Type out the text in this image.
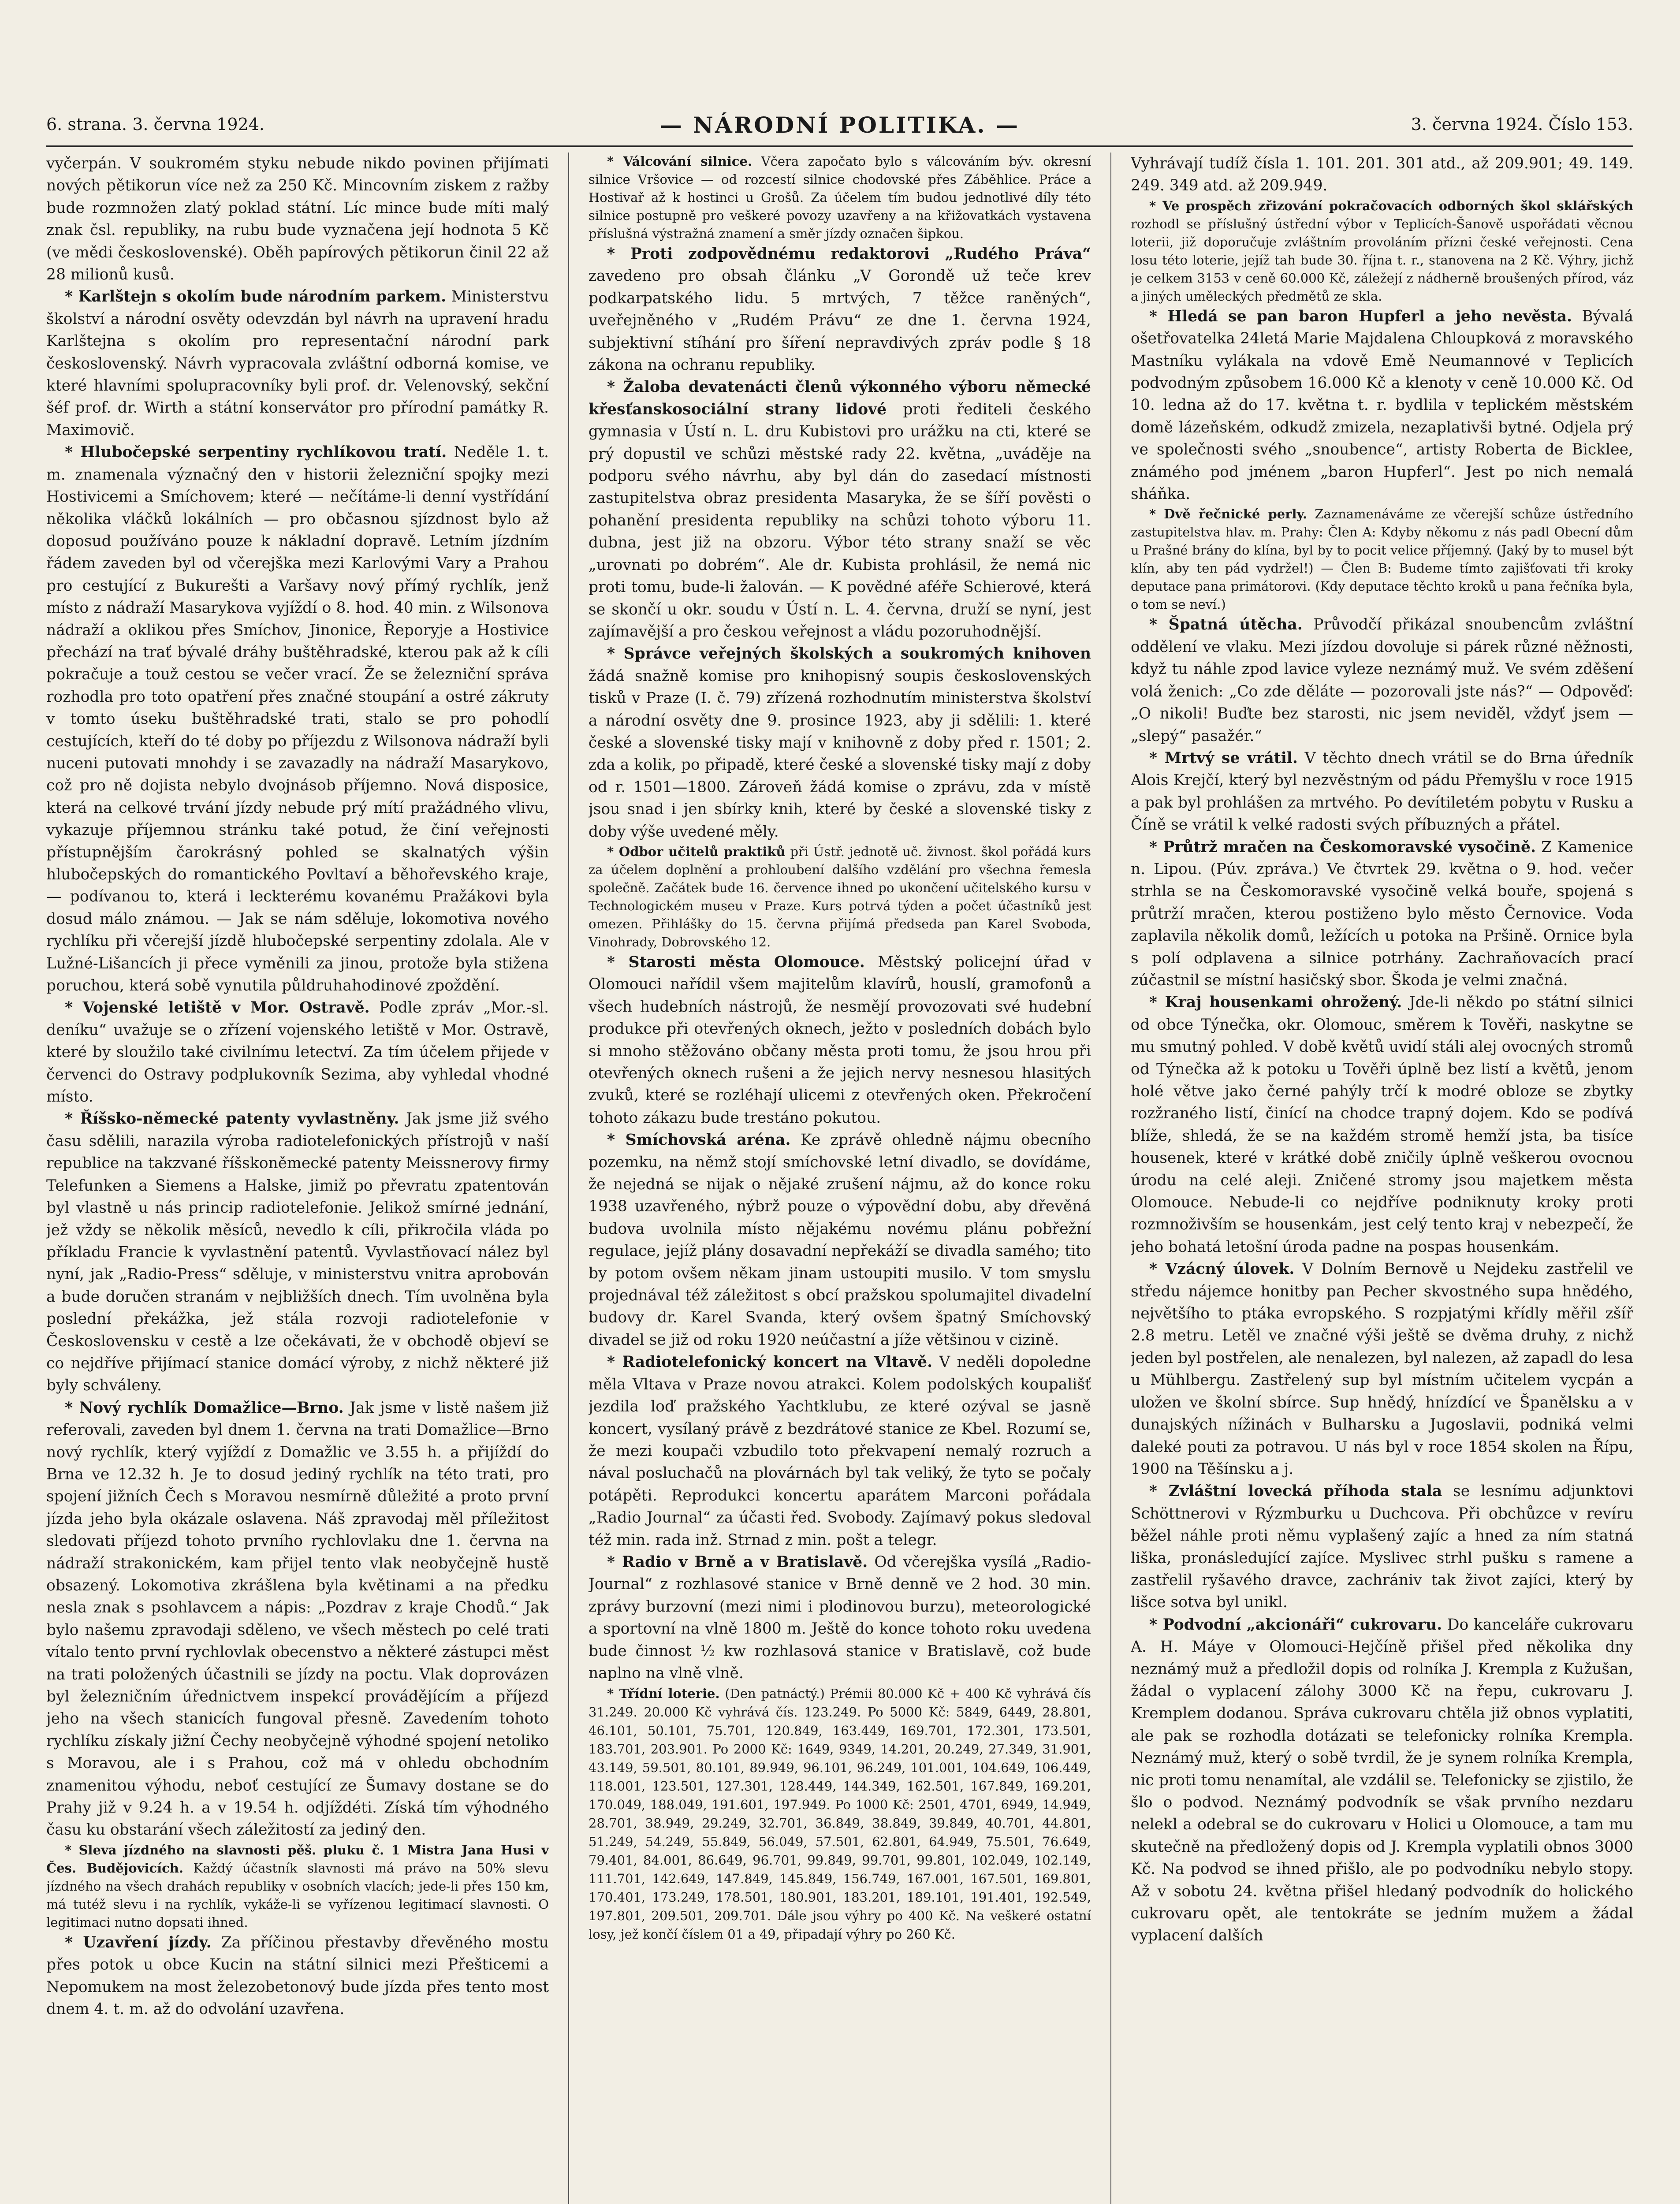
6. strana. 3. června 1924.	— NÁRODNÍ POLITIKA. —	3. června 1924. Číslo 153.

vyčerpán. V soukromém styku nebude nikdo povinen přijímati nových pětikorun více než za 250 Kč. Mincovním ziskem z ražby bude rozmnožen zlatý poklad státní. Líc mince bude míti malý znak čsl. republiky, na rubu bude vyznačena její hodnota 5 Kč (ve mědi československé). Oběh papírových pětikorun činil 22 až 28 milionů kusů.

* Karlštejn s okolím bude národním parkem. Ministerstvu školství a národní osvěty odevzdán byl návrh na upravení hradu Karlštejna s okolím pro representační národní park československý. Návrh vypracovala zvláštní odborná komise, ve které hlavními spolupracovníky byli prof. dr. Velenovský, sekční šéf prof. dr. Wirth a státní konservátor pro přírodní památky R. Maximovič.

* Hlubočepské serpentiny rychlíkovou tratí. Neděle 1. t. m. znamenala význačný den v historii železniční spojky mezi Hostivicemi a Smíchovem; které — nečítáme-li denní vystřídání několika vláčků lokálních — pro občasnou sjízdnost bylo až doposud používáno pouze k nákladní dopravě. Letním jízdním řádem zaveden byl od včerejška mezi Karlovými Vary a Prahou pro cestující z Bukurešti a Varšavy nový přímý rychlík, jenž místo z nádraží Masarykova vyjíždí o 8. hod. 40 min. z Wilsonova nádraží a oklikou přes Smíchov, Jinonice, Řeporyje a Hostivice přechází na trať bývalé dráhy buštěhradské, kterou pak až k cíli pokračuje a touž cestou se večer vrací. Že se železniční správa rozhodla pro toto opatření přes značné stoupání a ostré zákruty v tomto úseku buštěhradské trati, stalo se pro pohodlí cestujících, kteří do té doby po příjezdu z Wilsonova nádraží byli nuceni putovati mnohdy i se zavazadly na nádraží Masarykovo, což pro ně dojista nebylo dvojnásob příjemno. Nová disposice, která na celkové trvání jízdy nebude prý mítí pražádného vlivu, vykazuje příjemnou stránku také potud, že činí veřejnosti přístupnějším čarokrásný pohled se skalnatých výšin hlubočepských do romantického Povltaví a běhořevského kraje, — podívanou to, která i leckterému kovanému Pražákovi byla dosud málo známou. — Jak se nám sděluje, lokomotiva nového rychlíku při včerejší jízdě hlubočepské serpentiny zdolala. Ale v Lužné-Lišancích ji přece vyměnili za jinou, protože byla stižena poruchou, která sobě vynutila půldruhahodinové zpoždění.

* Vojenské letiště v Mor. Ostravě. Podle zpráv „Mor.-sl. deníku“ uvažuje se o zřízení vojenského letiště v Mor. Ostravě, které by sloužilo také civilnímu letectví. Za tím účelem přijede v červenci do Ostravy podplukovník Sezima, aby vyhledal vhodné místo.

* Říšsko-německé patenty vyvlastněny. Jak jsme již svého času sdělili, narazila výroba radiotelefonických přístrojů v naší republice na takzvané říšskoněmecké patenty Meissnerovy firmy Telefunken a Siemens a Halske, jimiž po převratu zpatentován byl vlastně u nás princip radiotelefonie. Jelikož smírné jednání, jež vždy se několik měsíců, nevedlo k cíli, přikročila vláda po příkladu Francie k vyvlastnění patentů. Vyvlastňovací nález byl nyní, jak „Radio-Press“ sděluje, v ministerstvu vnitra aprobován a bude doručen stranám v nejbližších dnech. Tím uvolněna byla poslední překážka, jež stála rozvoji radiotelefonie v Československu v cestě a lze očekávati, že v obchodě objeví se co nejdříve přijímací stanice domácí výroby, z nichž některé již byly schváleny.

* Nový rychlík Domažlice—Brno. Jak jsme v listě našem již referovali, zaveden byl dnem 1. června na trati Domažlice—Brno nový rychlík, který vyjíždí z Domažlic ve 3.55 h. a přijíždí do Brna ve 12.32 h. Je to dosud jediný rychlík na této trati, pro spojení jižních Čech s Moravou nesmírně důležité a proto první jízda jeho byla okázale oslavena. Náš zpravodaj měl příležitost sledovati příjezd tohoto prvního rychlovlaku dne 1. června na nádraží strakonickém, kam přijel tento vlak neobyčejně hustě obsazený. Lokomotiva zkrášlena byla květinami a na předku nesla znak s psohlavcem a nápis: „Pozdrav z kraje Chodů.“ Jak bylo našemu zpravodaji sděleno, ve všech městech po celé trati vítalo tento první rychlovlak obecenstvo a některé zástupci měst na trati položených účastnili se jízdy na poctu. Vlak doprovázen byl železničním úřednictvem inspekcí provádějícím a příjezd jeho na všech stanicích fungoval přesně. Zavedením tohoto rychlíku získaly jižní Čechy neobyčejně výhodné spojení netoliko s Moravou, ale i s Prahou, což má v ohledu obchodním znamenitou výhodu, neboť cestující ze Šumavy dostane se do Prahy již v 9.24 h. a v 19.54 h. odjíždéti. Získá tím výhodného času ku obstarání všech záležitostí za jediný den.

* Sleva jízdného na slavnosti pěš. pluku č. 1 Mistra Jana Husi v Čes. Budějovicích. Každý účastník slavnosti má právo na 50% slevu jízdného na všech drahách republiky v osobních vlacích; jede-li přes 150 km, má tutéž slevu i na rychlík, vykáže-li se vyřízenou legitimací slavnosti. O legitimaci nutno dopsati ihned.

* Uzavření jízdy. Za příčinou přestavby dřevěného mostu přes potok u obce Kucin na státní silnici mezi Přešticemi a Nepomukem na most železobetonový bude jízda přes tento most dnem 4. t. m. až do odvolání uzavřena.

* Válcování silnice. Včera započato bylo s válcováním býv. okresní silnice Vršovice — od rozcestí silnice chodovské přes Záběhlice. Práce a Hostivař až k hostinci u Grošů. Za účelem tím budou jednotlivé díly této silnice postupně pro veškeré povozy uzavřeny a na křižovatkách vystavena příslušná výstražná znamení a směr jízdy označen šipkou.

* Proti zodpovědnému redaktorovi „Rudého Práva“ zavedeno pro obsah článku „V Gorondě už teče krev podkarpatského lidu. 5 mrtvých, 7 těžce raněných“, uveřejněného v „Rudém Právu“ ze dne 1. června 1924, subjektivní stíhání pro šíření nepravdivých zpráv podle § 18 zákona na ochranu republiky.

* Žaloba devatenácti členů výkonného výboru německé křesťanskosociální strany lidové proti řediteli českého gymnasia v Ústí n. L. dru Kubistovi pro urážku na cti, které se prý dopustil ve schůzi městské rady 22. května, „uváděje na podporu svého návrhu, aby byl dán do zasedací místnosti zastupitelstva obraz presidenta Masaryka, že se šíří pověsti o pohanění presidenta republiky na schůzi tohoto výboru 11. dubna, jest již na obzoru. Výbor této strany snaží se věc „urovnati po dobrém“. Ale dr. Kubista prohlásil, že nemá nic proti tomu, bude-li žalován. — K povědné aféře Schierové, která se skončí u okr. soudu v Ústí n. L. 4. června, druží se nyní, jest zajímavější a pro českou veřejnost a vládu pozoruhodnější.

* Správce veřejných školských a soukromých knihoven žádá snažně komise pro knihopisný soupis československých tisků v Praze (I. č. 79) zřízená rozhodnutím ministerstva školství a národní osvěty dne 9. prosince 1923, aby ji sdělili: 1. které české a slovenské tisky mají v knihovně z doby před r. 1501; 2. zda a kolik, po připadě, které české a slovenské tisky mají z doby od r. 1501—1800. Zároveň žádá komise o zprávu, zda v místě jsou snad i jen sbírky knih, které by české a slovenské tisky z doby výše uvedené měly.

* Odbor učitelů praktiků při Ústř. jednotě uč. živnost. škol pořádá kurs za účelem doplnění a prohloubení dalšího vzdělání pro všechna řemesla společně. Začátek bude 16. července ihned po ukončení učitelského kursu v Technologickém museu v Praze. Kurs potrvá týden a počet účastníků jest omezen. Přihlášky do 15. června přijímá předseda pan Karel Svoboda, Vinohrady, Dobrovského 12.

* Starosti města Olomouce. Městský policejní úřad v Olomouci nařídil všem majitelům klavírů, houslí, gramofonů a všech hudebních nástrojů, že nesmějí provozovati své hudební produkce při otevřených oknech, ježto v posledních dobách bylo si mnoho stěžováno občany města proti tomu, že jsou hrou při otevřených oknech rušeni a že jejich nervy nesnesou hlasitých zvuků, které se rozléhají ulicemi z otevřených oken. Překročení tohoto zákazu bude trestáno pokutou.

* Smíchovská aréna. Ke zprávě ohledně nájmu obecního pozemku, na němž stojí smíchovské letní divadlo, se dovídáme, že nejedná se nijak o nějaké zrušení nájmu, až do konce roku 1938 uzavřeného, nýbrž pouze o výpovědní dobu, aby dřevěná budova uvolnila místo nějakému novému plánu pobřežní regulace, jejíž plány dosavadní nepřekáží se divadla samého; tito by potom ovšem někam jinam ustoupiti musilo. V tom smyslu projednával též záležitost s obcí pražskou spolumajitel divadelní budovy dr. Karel Svanda, který ovšem špatný Smíchovský divadel se již od roku 1920 neúčastní a jíže většinou v cizině.

* Radiotelefonický koncert na Vltavě. V neděli dopoledne měla Vltava v Praze novou atrakci. Kolem podolských koupališť jezdila loď pražského Yachtklubu, ze které ozýval se jasně koncert, vysílaný právě z bezdrátové stanice ze Kbel. Rozumí se, že mezi koupači vzbudilo toto překvapení nemalý rozruch a nával posluchačů na plovárnách byl tak veliký, že tyto se počaly potápěti. Reprodukci koncertu aparátem Marconi pořádala „Radio Journal“ za účasti řed. Svobody. Zajímavý pokus sledoval též min. rada inž. Strnad z min. pošt a telegr.

* Radio v Brně a v Bratislavě. Od včerejška vysílá „Radio-Journal“ z rozhlasové stanice v Brně denně ve 2 hod. 30 min. zprávy burzovní (mezi nimi i plodinovou burzu), meteorologické a sportovní na vlně 1800 m. Ještě do konce tohoto roku uvedena bude činnost ½ kw rozhlasová stanice v Bratislavě, což bude naplno na vlně vlně.

* Třídní loterie. (Den patnáctý.) Prémii 80.000 Kč + 400 Kč vyhrává čís 31.249. 20.000 Kč vyhrává čís. 123.249. Po 5000 Kč: 5849, 6449, 28.801, 46.101, 50.101, 75.701, 120.849, 163.449, 169.701, 172.301, 173.501, 183.701, 203.901. Po 2000 Kč: 1649, 9349, 14.201, 20.249, 27.349, 31.901, 43.149, 59.501, 80.101, 89.949, 96.101, 96.249, 101.001, 104.649, 106.449, 118.001, 123.501, 127.301, 128.449, 144.349, 162.501, 167.849, 169.201, 170.049, 188.049, 191.601, 197.949. Po 1000 Kč: 2501, 4701, 6949, 14.949, 28.701, 38.949, 29.249, 32.701, 36.849, 38.849, 39.849, 40.701, 44.801, 51.249, 54.249, 55.849, 56.049, 57.501, 62.801, 64.949, 75.501, 76.649, 79.401, 84.001, 86.649, 96.701, 99.849, 99.701, 99.801, 102.049, 102.149, 111.701, 142.649, 147.849, 145.849, 156.749, 167.001, 167.501, 169.801, 170.401, 173.249, 178.501, 180.901, 183.201, 189.101, 191.401, 192.549, 197.801, 209.501, 209.701. Dále jsou výhry po 400 Kč. Na veškeré ostatní losy, jež končí číslem 01 a 49, připadají výhry po 260 Kč.

Vyhrávají tudíž čísla 1. 101. 201. 301 atd., až 209.901; 49. 149. 249. 349 atd. až 209.949.

* Ve prospěch zřizování pokračovacích odborných škol sklářských rozhodl se příslušný ústřední výbor v Teplicích-Šanově uspořádati věcnou loterii, již doporučuje zvláštním provoláním přízni české veřejnosti. Cena losu této loterie, jejíž tah bude 30. října t. r., stanovena na 2 Kč. Výhry, jichž je celkem 3153 v ceně 60.000 Kč, záležejí z nádherně broušených přírod, váz a jiných uměleckých předmětů ze skla.

* Hledá se pan baron Hupferl a jeho nevěsta. Bývalá ošetřovatelka 24letá Marie Majdalena Chloupková z moravského Mastníku vylákala na vdově Emě Neumannové v Teplicích podvodným způsobem 16.000 Kč a klenoty v ceně 10.000 Kč. Od 10. ledna až do 17. května t. r. bydlila v teplickém městském domě lázeňském, odkudž zmizela, nezaplativši bytné. Odjela prý ve společnosti svého „snoubence“, artisty Roberta de Bicklee, známého pod jménem „baron Hupferl“. Jest po nich nemalá sháňka.

* Dvě řečnické perly. Zaznamenáváme ze včerejší schůze ústředního zastupitelstva hlav. m. Prahy: Člen A: Kdyby někomu z nás padl Obecní dům u Prašné brány do klína, byl by to pocit velice příjemný. (Jaký by to musel být klín, aby ten pád vydržel!) — Člen B: Budeme tímto zajišťovati tři kroky deputace pana primátorovi. (Kdy deputace těchto kroků u pana řečníka byla, o tom se neví.)

* Špatná útěcha. Průvodčí přikázal snoubencům zvláštní oddělení ve vlaku. Mezi jízdou dovoluje si párek různé něžnosti, když tu náhle zpod lavice vyleze neznámý muž. Ve svém zděšení volá ženich: „Co zde děláte — pozorovali jste nás?“ — Odpověď: „O nikoli! Buďte bez starosti, nic jsem neviděl, vždyť jsem — „slepý“ pasažér.“

* Mrtvý se vrátil. V těchto dnech vrátil se do Brna úředník Alois Krejčí, který byl nezvěstným od pádu Přemyšlu v roce 1915 a pak byl prohlášen za mrtvého. Po devítiletém pobytu v Rusku a Číně se vrátil k velké radosti svých příbuzných a přátel.

* Průtrž mračen na Českomoravské vysočině. Z Kamenice n. Lipou. (Púv. zpráva.) Ve čtvrtek 29. května o 9. hod. večer strhla se na Českomoravské vysočině velká bouře, spojená s průtrží mračen, kterou postiženo bylo město Černovice. Voda zaplavila několik domů, ležících u potoka na Pršině. Ornice byla s polí odplavena a silnice potrhány. Zachraňovacích prací zúčastnil se místní hasičský sbor. Škoda je velmi značná.

* Kraj housenkami ohrožený. Jde-li někdo po státní silnici od obce Týnečka, okr. Olomouc, směrem k Tověři, naskytne se mu smutný pohled. V době květů uvidí stáli alej ovocných stromů od Týnečka až k potoku u Tověři úplně bez listí a květů, jenom holé větve jako černé pahýly trčí k modré obloze se zbytky rozžraného listí, činící na chodce trapný dojem. Kdo se podívá blíže, shledá, že se na každém stromě hemží jsta, ba tisíce housenek, které v krátké době zničily úplně veškerou ovocnou úrodu na celé aleji. Zničené stromy jsou majetkem města Olomouce. Nebude-li co nejdříve podniknuty kroky proti rozmnoživším se housenkám, jest celý tento kraj v nebezpečí, že jeho bohatá letošní úroda padne na pospas housenkám.

* Vzácný úlovek. V Dolním Bernově u Nejdeku zastřelil ve středu nájemce honitby pan Pecher skvostného supa hnědého, největšího to ptáka evropského. S rozpjatými křídly měřil zšíř 2.8 metru. Letěl ve značné výši ještě se dvěma druhy, z nichž jeden byl postřelen, ale nenalezen, byl nalezen, až zapadl do lesa u Mühlbergu. Zastřelený sup byl místním učitelem vycpán a uložen ve školní sbírce. Sup hnědý, hnízdící ve Španělsku a v dunajských nížinách v Bulharsku a Jugoslavii, podniká velmi daleké pouti za potravou. U nás byl v roce 1854 skolen na Řípu, 1900 na Těšínsku a j.

* Zvláštní lovecká příhoda stala se lesnímu adjunktovi Schöttnerovi v Rýzmburku u Duchcova. Při obchůzce v revíru běžel náhle proti němu vyplašený zajíc a hned za ním statná liška, pronásledující zajíce. Myslivec strhl pušku s ramene a zastřelil ryšavého dravce, zachrániv tak život zajíci, který by lišce sotva byl unikl.

* Podvodní „akcionáři“ cukrovaru. Do kanceláře cukrovaru A. H. Máye v Olomouci-Hejčíně přišel před několika dny neznámý muž a předložil dopis od rolníka J. Krempla z Kužušan, žádal o vyplacení zálohy 3000 Kč na řepu, cukrovaru J. Kremplem dodanou. Správa cukrovaru chtěla již obnos vyplatiti, ale pak se rozhodla dotázati se telefonicky rolníka Krempla. Neznámý muž, který o sobě tvrdil, že je synem rolníka Krempla, nic proti tomu nenamítal, ale vzdálil se. Telefonicky se zjistilo, že šlo o podvod. Neznámý podvodník se však prvního nezdaru nelekl a odebral se do cukrovaru v Holici u Olomouce, a tam mu skutečně na předložený dopis od J. Krempla vyplatili obnos 3000 Kč. Na podvod se ihned přišlo, ale po podvodníku nebylo stopy. Až v sobotu 24. května přišel hledaný podvodník do holického cukrovaru opět, ale tentokráte se jedním mužem a žádal vyplacení dalších
